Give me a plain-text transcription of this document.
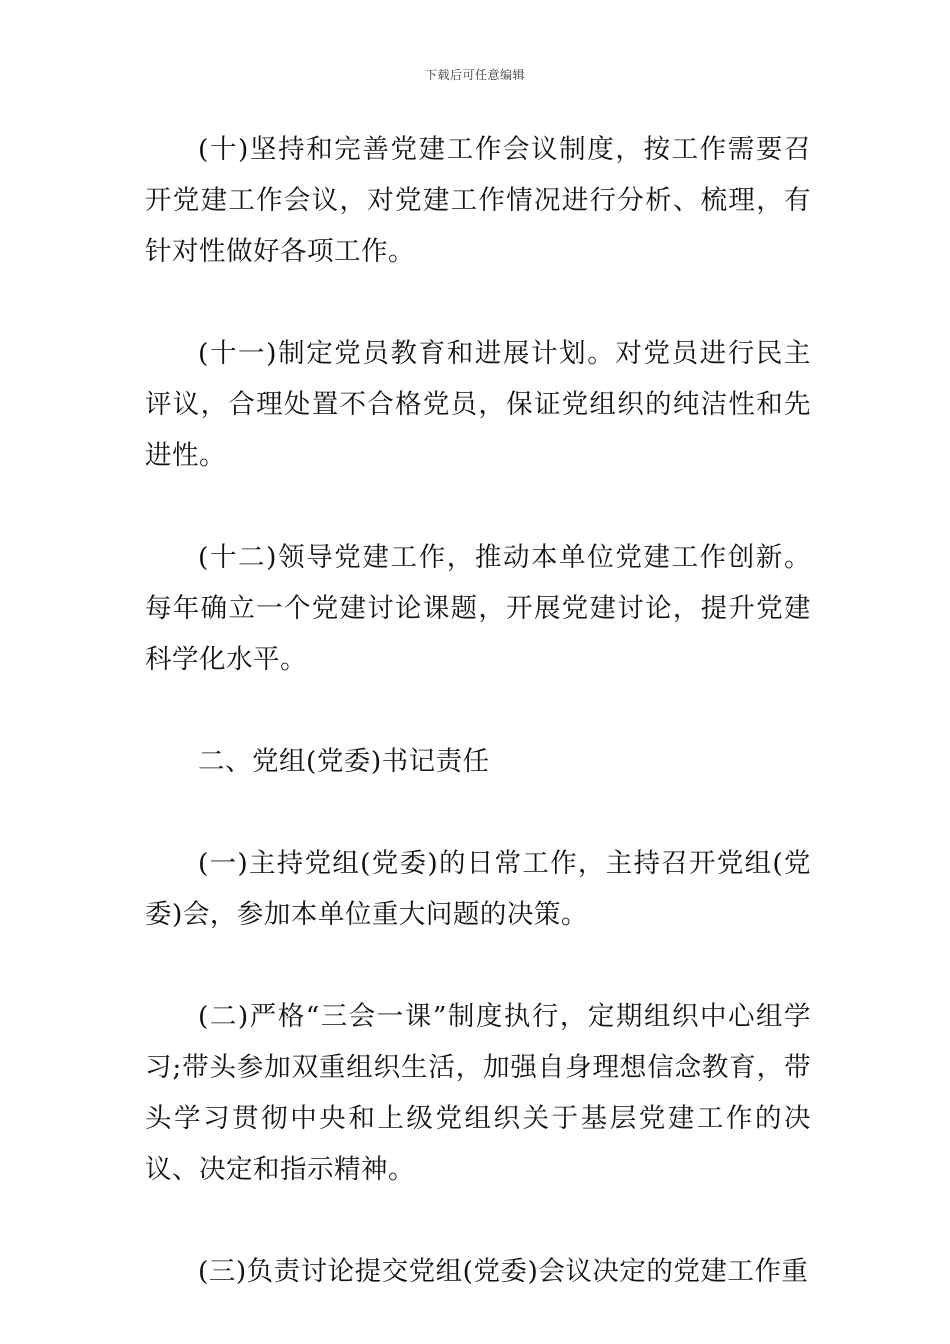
下载后可任意编辑

(十)坚持和完善党建工作会议制度，按工作需要召开党建工作会议，对党建工作情况进行分析、梳理，有针对性做好各项工作。

(十一)制定党员教育和进展计划。对党员进行民主评议，合理处置不合格党员，保证党组织的纯洁性和先进性。

(十二)领导党建工作，推动本单位党建工作创新。每年确立一个党建讨论课题，开展党建讨论，提升党建科学化水平。

二、党组(党委)书记责任

(一)主持党组(党委)的日常工作，主持召开党组(党委)会，参加本单位重大问题的决策。

(二)严格“三会一课”制度执行，定期组织中心组学习;带头参加双重组织生活，加强自身理想信念教育，带头学习贯彻中央和上级党组织关于基层党建工作的决议、决定和指示精神。

(三)负责讨论提交党组(党委)会议决定的党建工作重
